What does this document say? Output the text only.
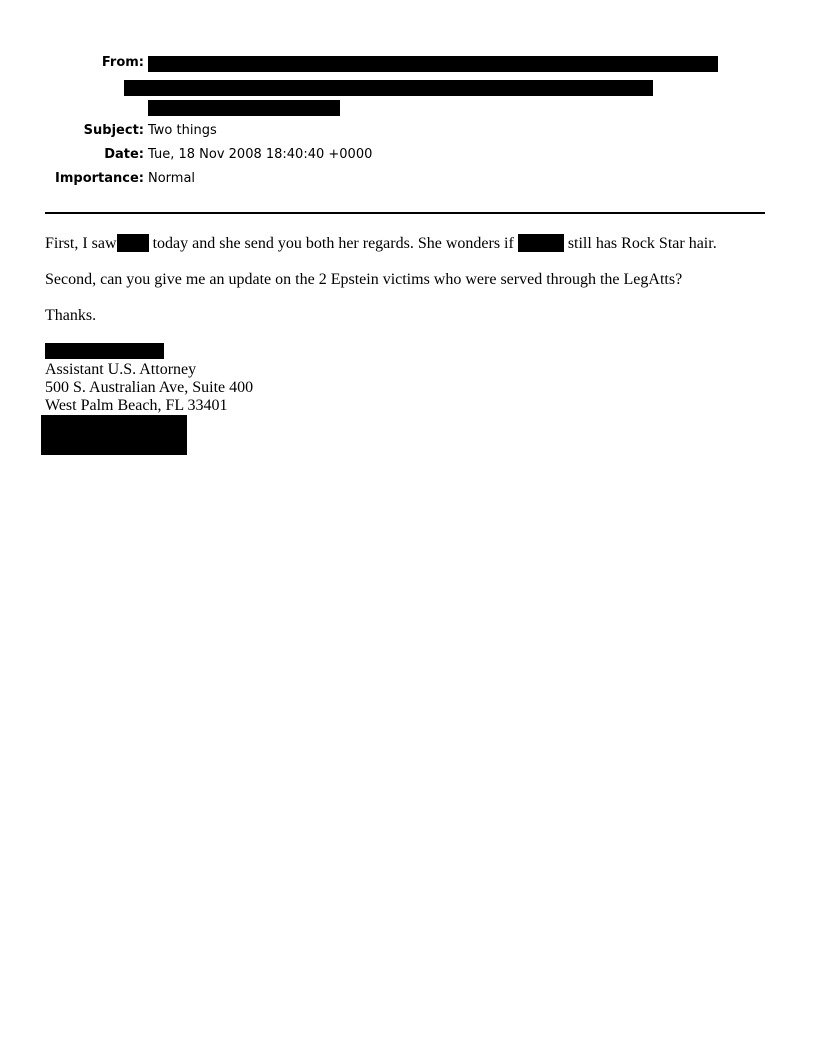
From:
Subject: Two things
Date: Tue, 18 Nov 2008 18:40:40 +0000
Importance: Normal
First, I saw today and she send you both her regards. She wonders if	still has Rock Star hair.
Second, can you give me an update on the 2 Epstein victims who were served through the LegAtts?
Thanks.
Assistant U.S. Attorney
500 S. Australian Ave, Suite 400
West Palm Beach, FL 33401
